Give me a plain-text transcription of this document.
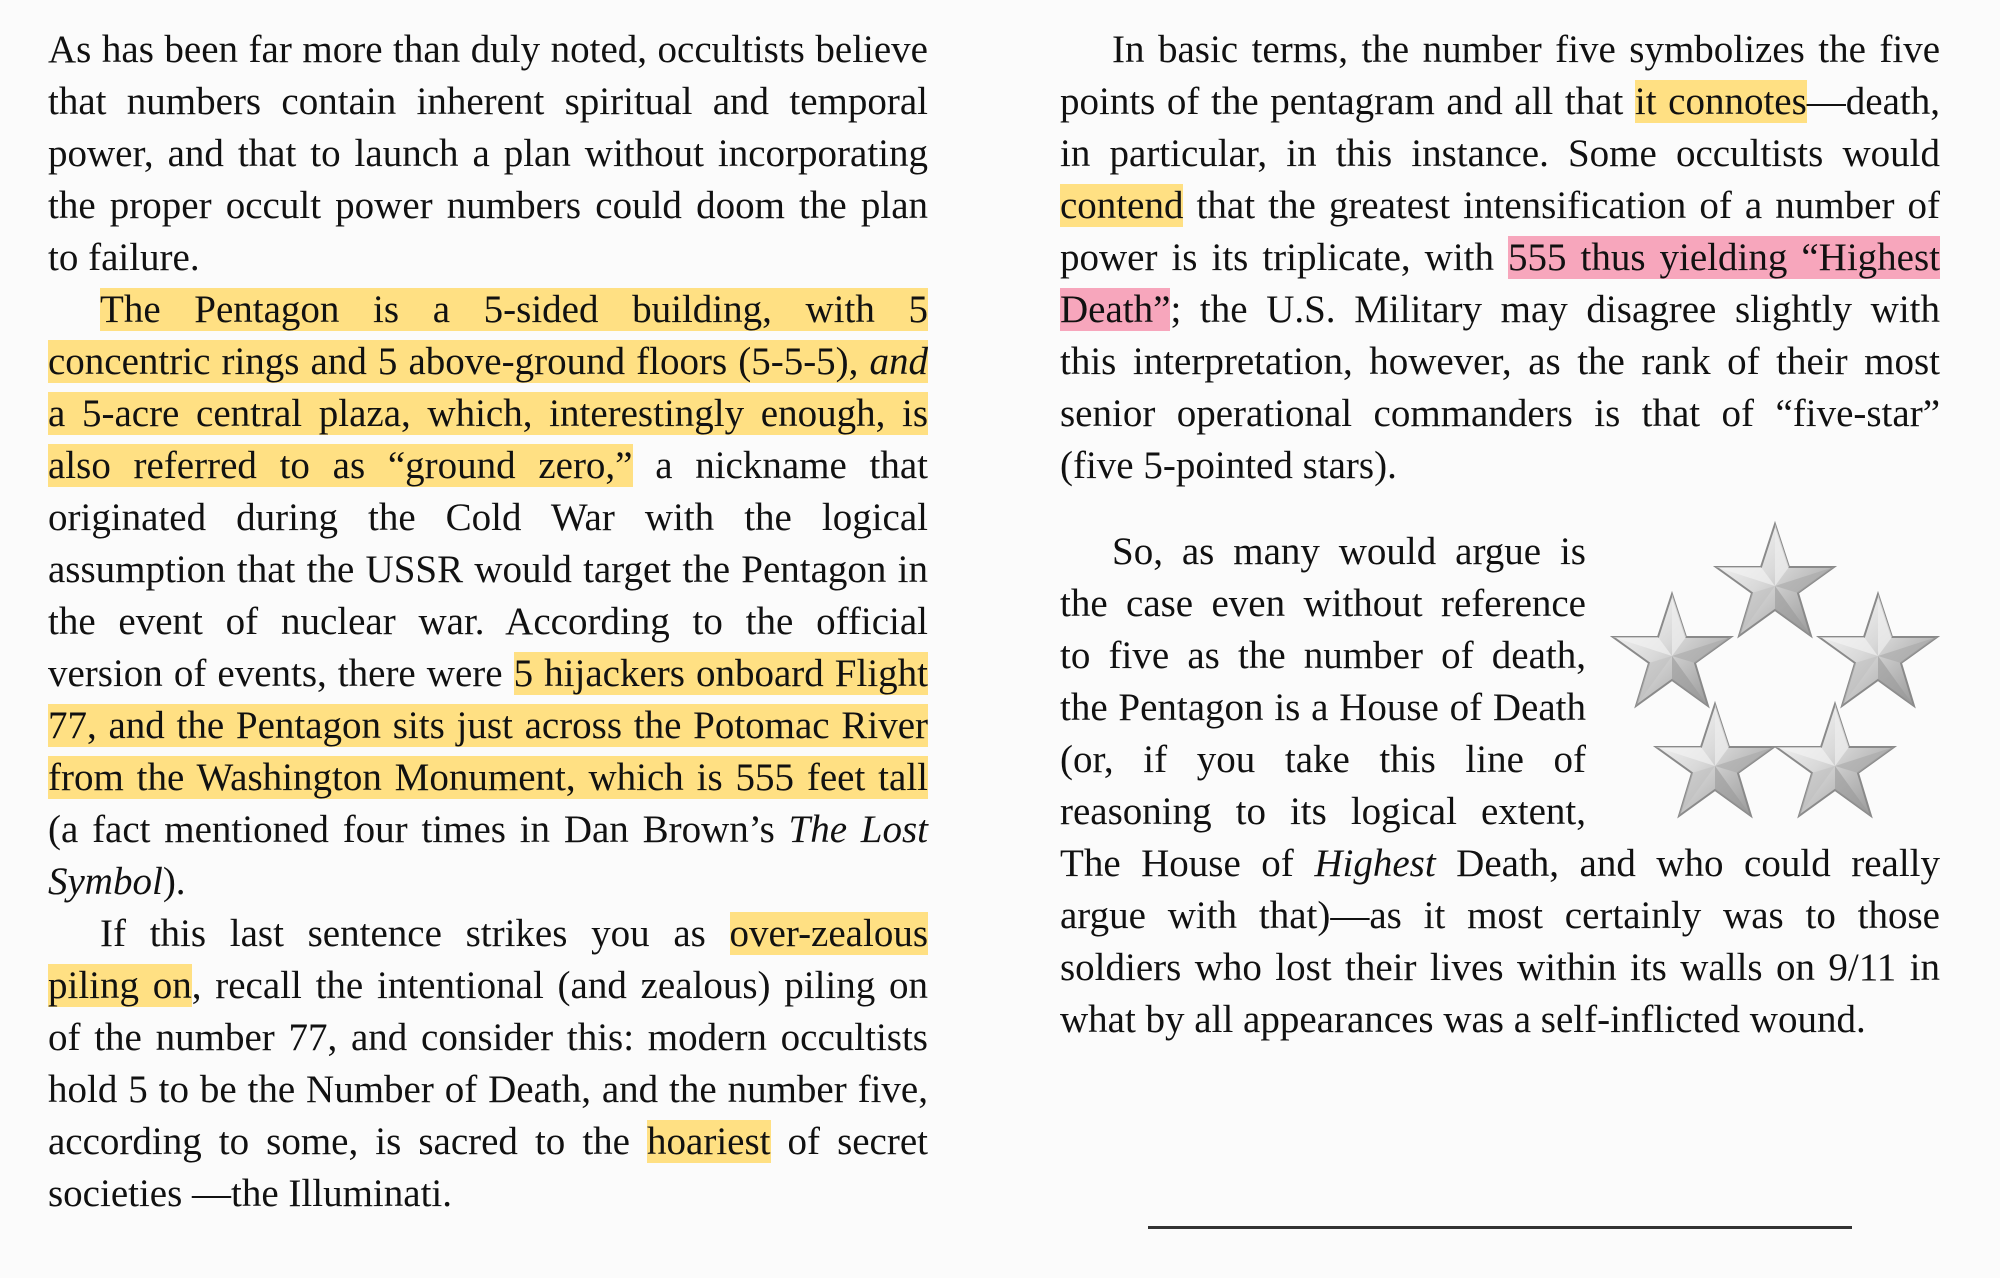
As has been far more than duly noted, occultists believe that numbers contain inherent spiritual and temporal power, and that to launch a plan without incorporating the proper occult power numbers could doom the plan to failure.

The Pentagon is a 5-sided building, with 5 concentric rings and 5 above-ground floors (5-5-5), and a 5-acre central plaza, which, interestingly enough, is also referred to as “ground zero,” a nickname that originated during the Cold War with the logical assumption that the USSR would target the Pentagon in the event of nuclear war. According to the official version of events, there were 5 hijackers onboard Flight 77, and the Pentagon sits just across the Potomac River from the Washington Monument, which is 555 feet tall (a fact mentioned four times in Dan Brown’s The Lost Symbol).

If this last sentence strikes you as over-zealous piling on, recall the intentional (and zealous) piling on of the number 77, and consider this: modern occultists hold 5 to be the Number of Death, and the number five, according to some, is sacred to the hoariest of secret societies —the Illuminati.

In basic terms, the number five symbolizes the five points of the pentagram and all that it connotes—death, in particular, in this instance. Some occultists would contend that the greatest intensification of a number of power is its triplicate, with 555 thus yielding “Highest Death”; the U.S. Military may disagree slightly with this interpretation, however, as the rank of their most senior operational commanders is that of “five-star” (five 5-pointed stars).

So, as many would argue is the case even without reference to five as the number of death, the Pentagon is a House of Death (or, if you take this line of reasoning to its logical extent, The House of Highest Death, and who could really argue with that)—as it most certainly was to those soldiers who lost their lives within its walls on 9/11 in what by all appearances was a self-inflicted wound.
